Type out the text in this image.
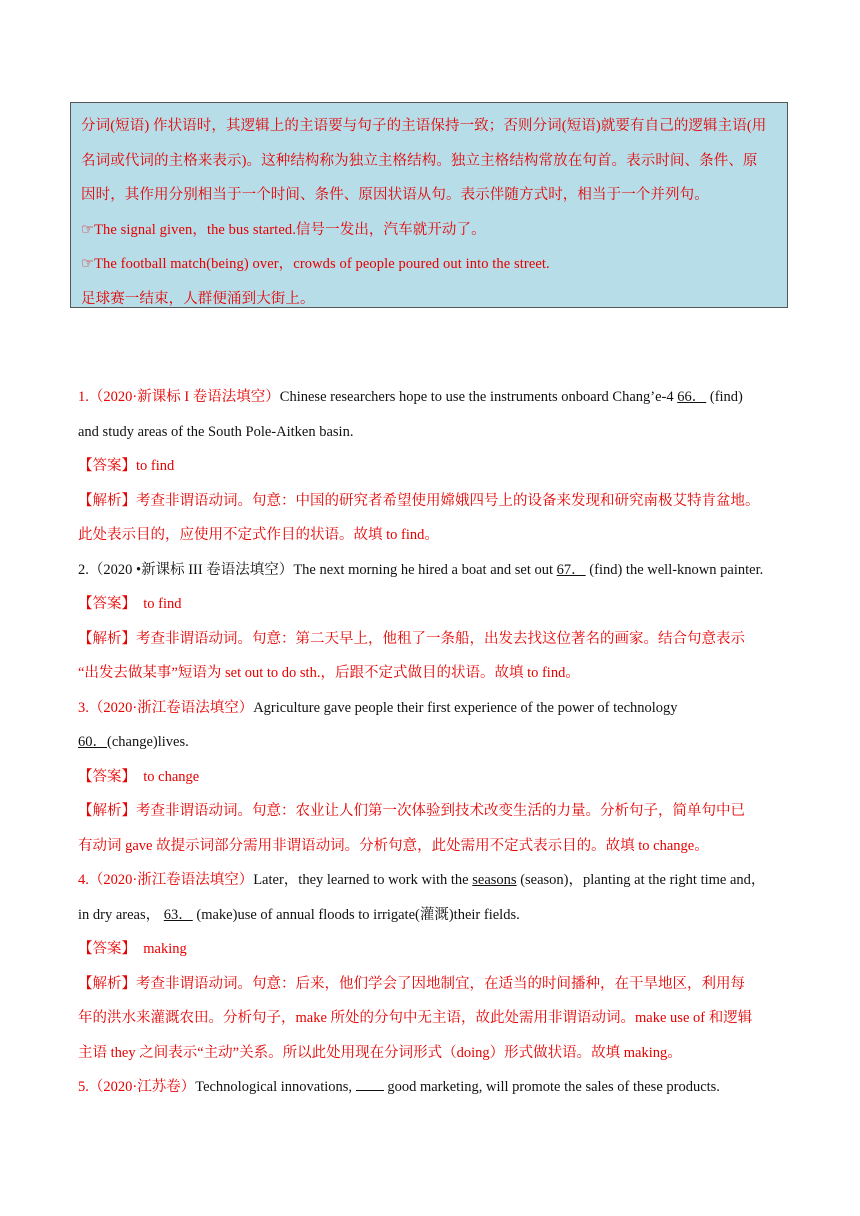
分词(短语) 作状语时，其逻辑上的主语要与句子的主语保持一致；否则分词(短语)就要有自己的逻辑主语(用

名词或代词的主格来表示)。这种结构称为独立主格结构。独立主格结构常放在句首。表示时间、条件、原

因时，其作用分别相当于一个时间、条件、原因状语从句。表示伴随方式时，相当于一个并列句。

☞The signal given，the bus started.信号一发出，汽车就开动了。

☞The football match(being) over，crowds of people poured out into the street.

足球赛一结束，人群便涌到大街上。

1.（2020·新课标 I 卷语法填空）Chinese researchers hope to use the instruments onboard Chang’e-4 66． (find)

and study areas of the South Pole-Aitken basin.

【答案】to find

【解析】考查非谓语动词。句意：中国的研究者希望使用嫦娥四号上的设备来发现和研究南极艾特肯盆地。

此处表示目的，应使用不定式作目的状语。故填 to find。

2.（2020 •新课标 III 卷语法填空）The next morning he hired a boat and set out 67． (find) the well-known painter.

【答案】 to find

【解析】考查非谓语动词。句意：第二天早上，他租了一条船，出发去找这位著名的画家。结合句意表示

“出发去做某事”短语为 set out to do sth.，后跟不定式做目的状语。故填 to find。

3.（2020·浙江卷语法填空）Agriculture gave people their first experience of the power of technology

60．(change)lives.

【答案】 to change

【解析】考查非谓语动词。句意：农业让人们第一次体验到技术改变生活的力量。分析句子，简单句中已

有动词 gave 故提示词部分需用非谓语动词。分析句意，此处需用不定式表示目的。故填 to change。

4.（2020·浙江卷语法填空）Later，they learned to work with the seasons (season)，planting at the right time and，

in dry areas， 63． (make)use of annual floods to irrigate(灌溉)their fields.

【答案】 making

【解析】考查非谓语动词。句意：后来，他们学会了因地制宜，在适当的时间播种，在干旱地区，利用每

年的洪水来灌溉农田。分析句子，make 所处的分句中无主语，故此处需用非谓语动词。make use of 和逻辑

主语 they 之间表示“主动”关系。所以此处用现在分词形式（doing）形式做状语。故填 making。

5.（2020·江苏卷）Technological innovations,  good marketing, will promote the sales of these products.
